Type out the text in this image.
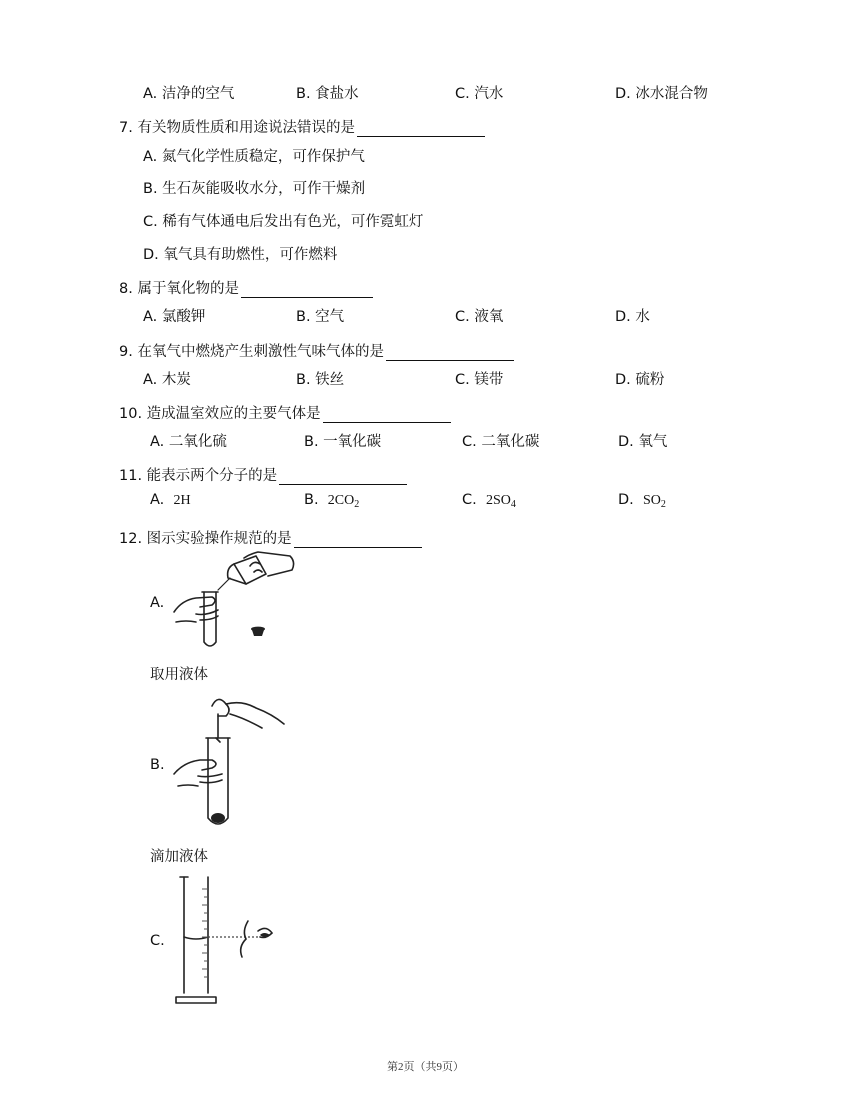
A. 洁净的空气	B. 食盐水	C. 汽水	D. 冰水混合物
7. 有关物质性质和用途说法错误的是
A. 氮气化学性质稳定，可作保护气
B. 生石灰能吸收水分，可作干燥剂
C. 稀有气体通电后发出有色光，可作霓虹灯
D. 氧气具有助燃性，可作燃料
8. 属于氧化物的是
A. 氯酸钾	B. 空气	C. 液氧	D. 水
9. 在氧气中燃烧产生刺激性气味气体的是
A. 木炭	B. 铁丝	C. 镁带	D. 硫粉
10. 造成温室效应的主要气体是
A. 二氧化硫	B. 一氧化碳	C. 二氧化碳	D. 氧气
11. 能表示两个分子的是
A. 2H	B. $2CO_2$	C. $2SO_4$	D. $SO_2$
12. 图示实验操作规范的是
A.
取用液体
B.
滴加液体
C.
第2页（共9页）
